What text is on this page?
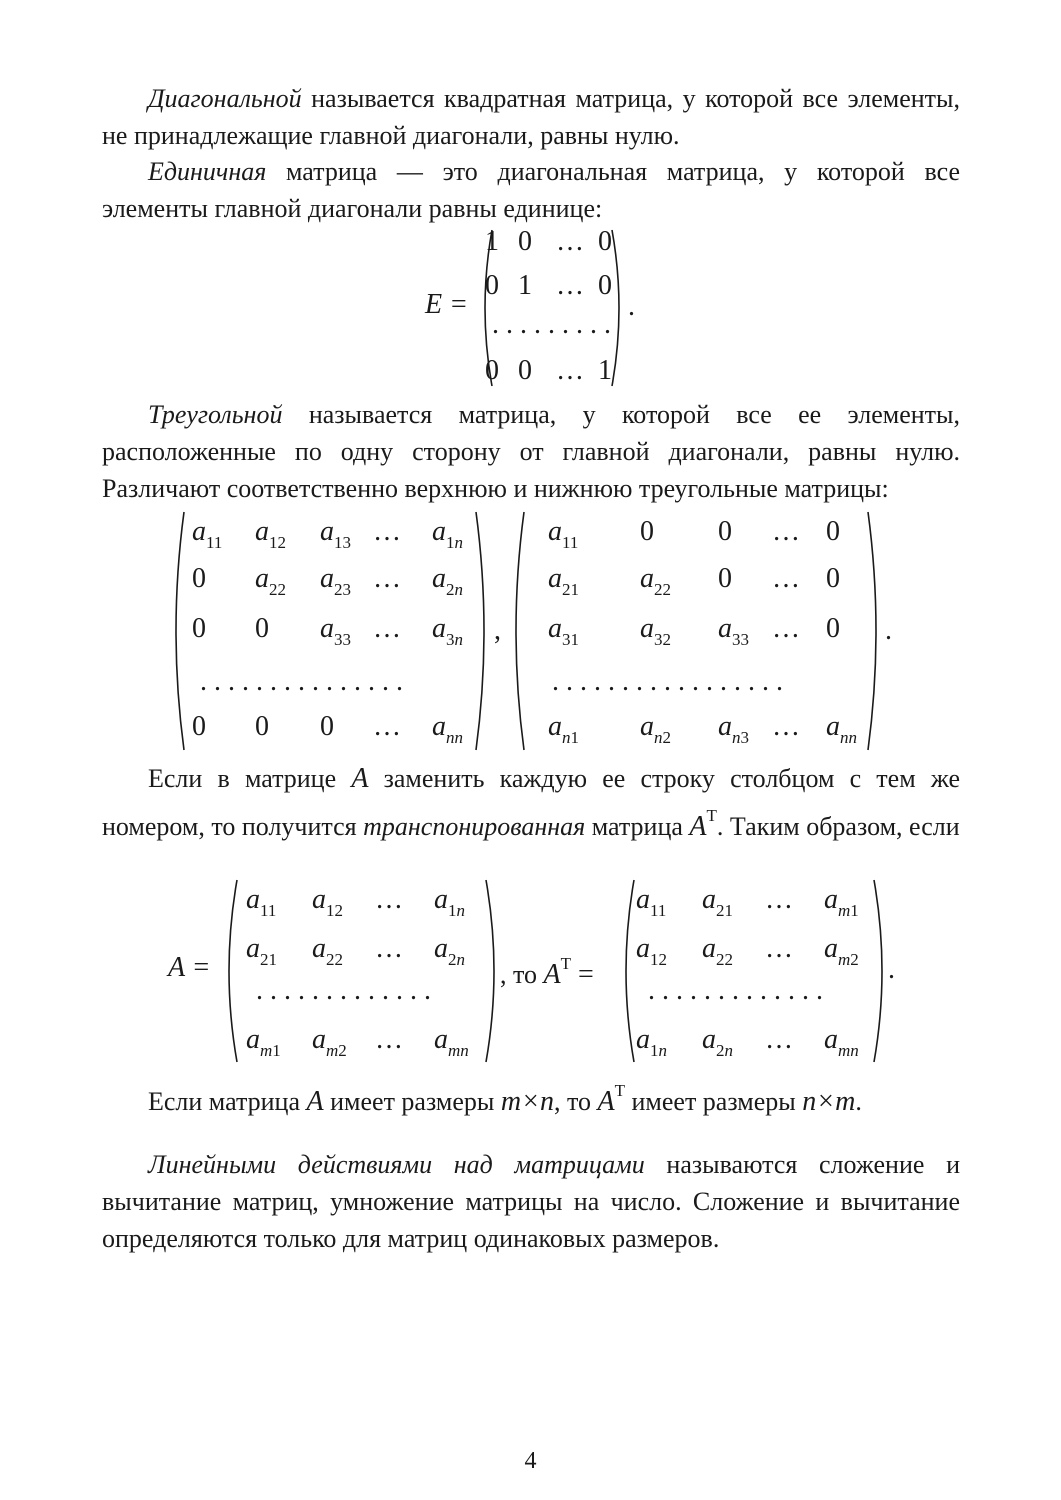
Диагональной называется квадратная матрица, у которой все элементы, не принадлежащие главной диагонали, равны нулю.

Единичная матрица — это диагональная матрица, у которой все элементы главной диагонали равны единице:

E =
1 0 … 0
0 1 … 0
. . . . . . . . .
0 0 … 1
.

Треугольной называется матрица, у которой все ее элементы, расположенные по одну сторону от главной диагонали, равны нулю. Различают соответственно верхнюю и нижнюю треугольные матрицы:

$a_{11}$ $a_{12}$ $a_{13}$ … $a_{1n}$
0 $a_{22}$ $a_{23}$ … $a_{2n}$
0 0 $a_{33}$ … $a_{3n}$
. . . . . . . . . . . . . . .
0 0 0 … $a_{nn}$
,
$a_{11}$ 0 0 … 0
$a_{21}$ $a_{22}$ 0 … 0
$a_{31}$ $a_{32}$ $a_{33}$ … 0
. . . . . . . . . . . . . . . . .
$a_{n1}$ $a_{n2}$ $a_{n3}$ … $a_{nn}$
.

Если в матрице A заменить каждую ее строку столбцом с тем же номером, то получится транспонированная матрица $A^T$. Таким образом, если

A =
$a_{11}$ $a_{12}$ … $a_{1n}$
$a_{21}$ $a_{22}$ … $a_{2n}$
. . . . . . . . . . . . .
$a_{m1}$ $a_{m2}$ … $a_{mn}$
, то $A^T$ =
$a_{11}$ $a_{21}$ … $a_{m1}$
$a_{12}$ $a_{22}$ … $a_{m2}$
. . . . . . . . . . . . .
$a_{1n}$ $a_{2n}$ … $a_{mn}$
.

Если матрица A имеет размеры m×n, то $A^T$ имеет размеры n×m.

Линейными действиями над матрицами называются сложение и вычитание матриц, умножение матрицы на число. Сложение и вычитание определяются только для матриц одинаковых размеров.

4
